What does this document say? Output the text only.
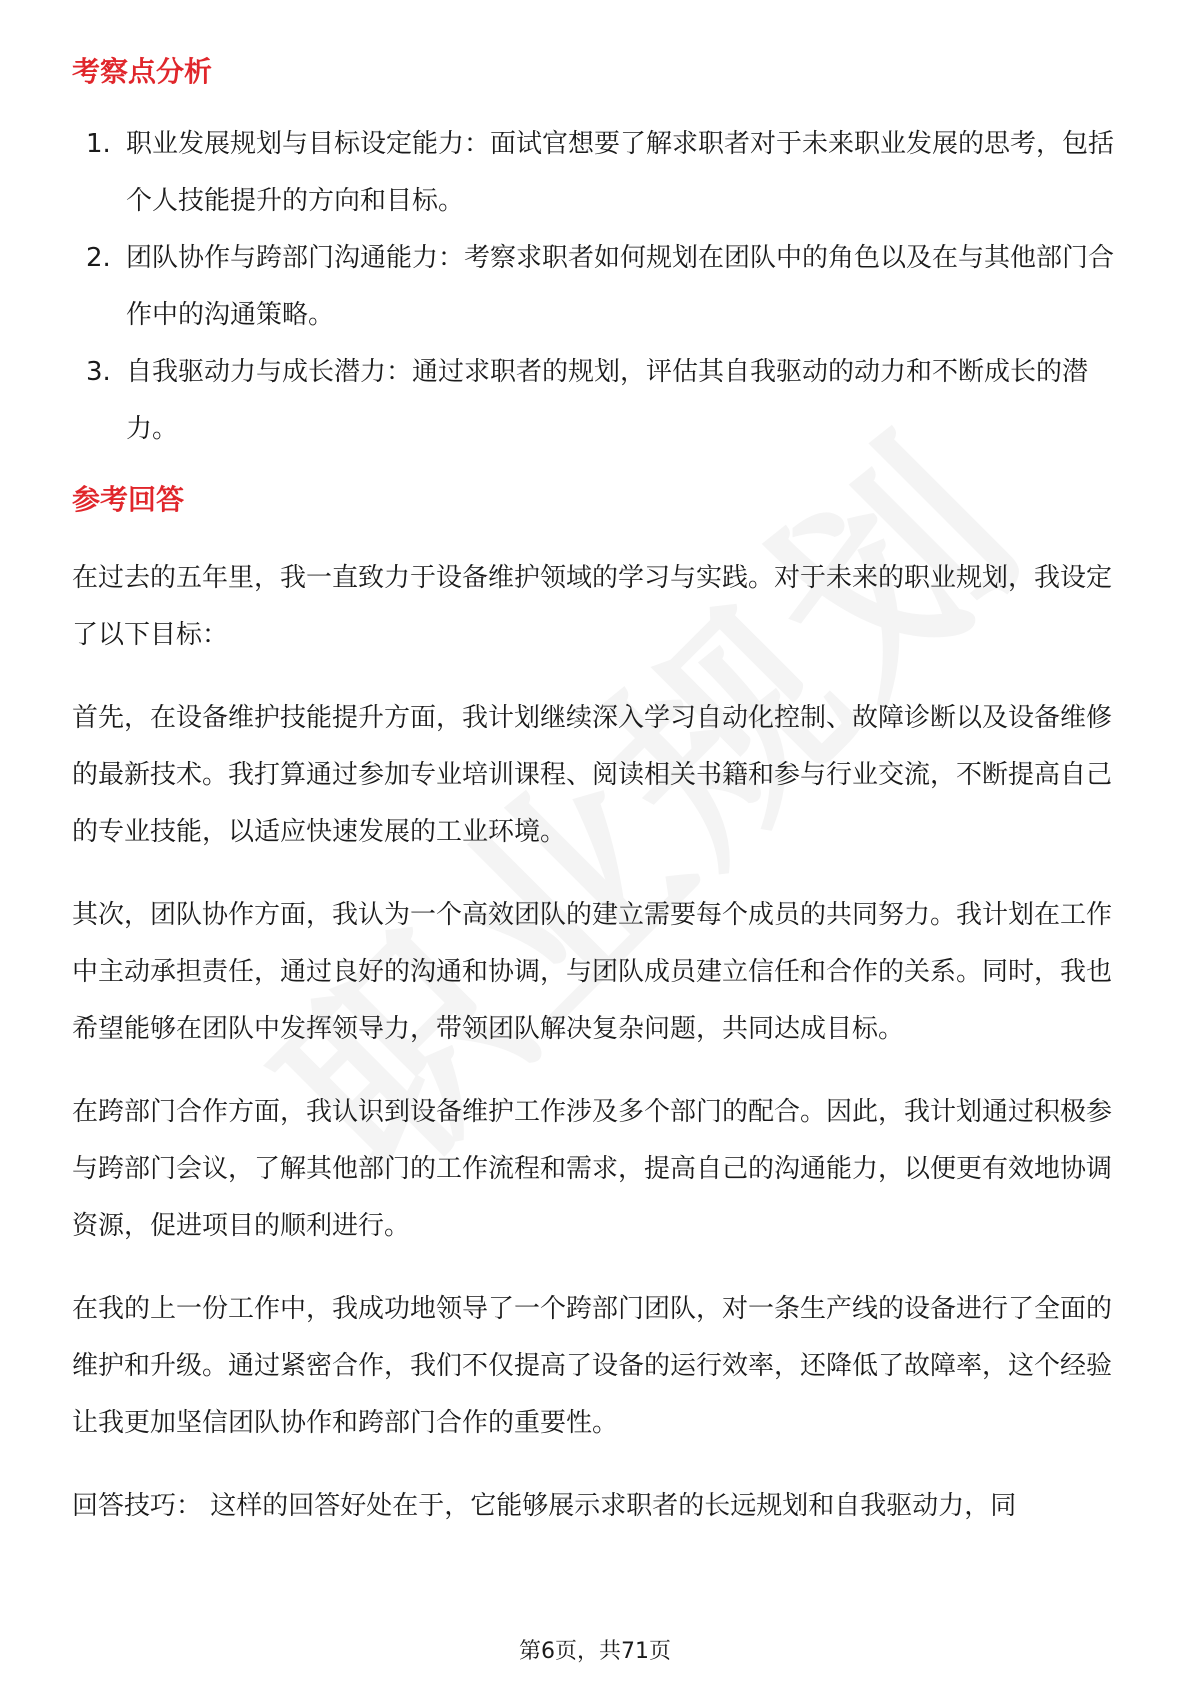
考察点分析
1. 职业发展规划与目标设定能力：面试官想要了解求职者对于未来职业发展的思考，包括个人技能提升的方向和目标。
2. 团队协作与跨部门沟通能力：考察求职者如何规划在团队中的角色以及在与其他部门合作中的沟通策略。
3. 自我驱动力与成长潜力：通过求职者的规划，评估其自我驱动的动力和不断成长的潜力。
参考回答

在过去的五年里，我一直致力于设备维护领域的学习与实践。对于未来的职业规划，我设定了以下目标：

首先，在设备维护技能提升方面，我计划继续深入学习自动化控制、故障诊断以及设备维修的最新技术。我打算通过参加专业培训课程、阅读相关书籍和参与行业交流，不断提高自己的专业技能，以适应快速发展的工业环境。

其次，团队协作方面，我认为一个高效团队的建立需要每个成员的共同努力。我计划在工作中主动承担责任，通过良好的沟通和协调，与团队成员建立信任和合作的关系。同时，我也希望能够在团队中发挥领导力，带领团队解决复杂问题，共同达成目标。

在跨部门合作方面，我认识到设备维护工作涉及多个部门的配合。因此，我计划通过积极参与跨部门会议，了解其他部门的工作流程和需求，提高自己的沟通能力，以便更有效地协调资源，促进项目的顺利进行。

在我的上一份工作中，我成功地领导了一个跨部门团队，对一条生产线的设备进行了全面的维护和升级。通过紧密合作，我们不仅提高了设备的运行效率，还降低了故障率，这个经验让我更加坚信团队协作和跨部门合作的重要性。

回答技巧： 这样的回答好处在于，它能够展示求职者的长远规划和自我驱动力，同

第6页，共71页
